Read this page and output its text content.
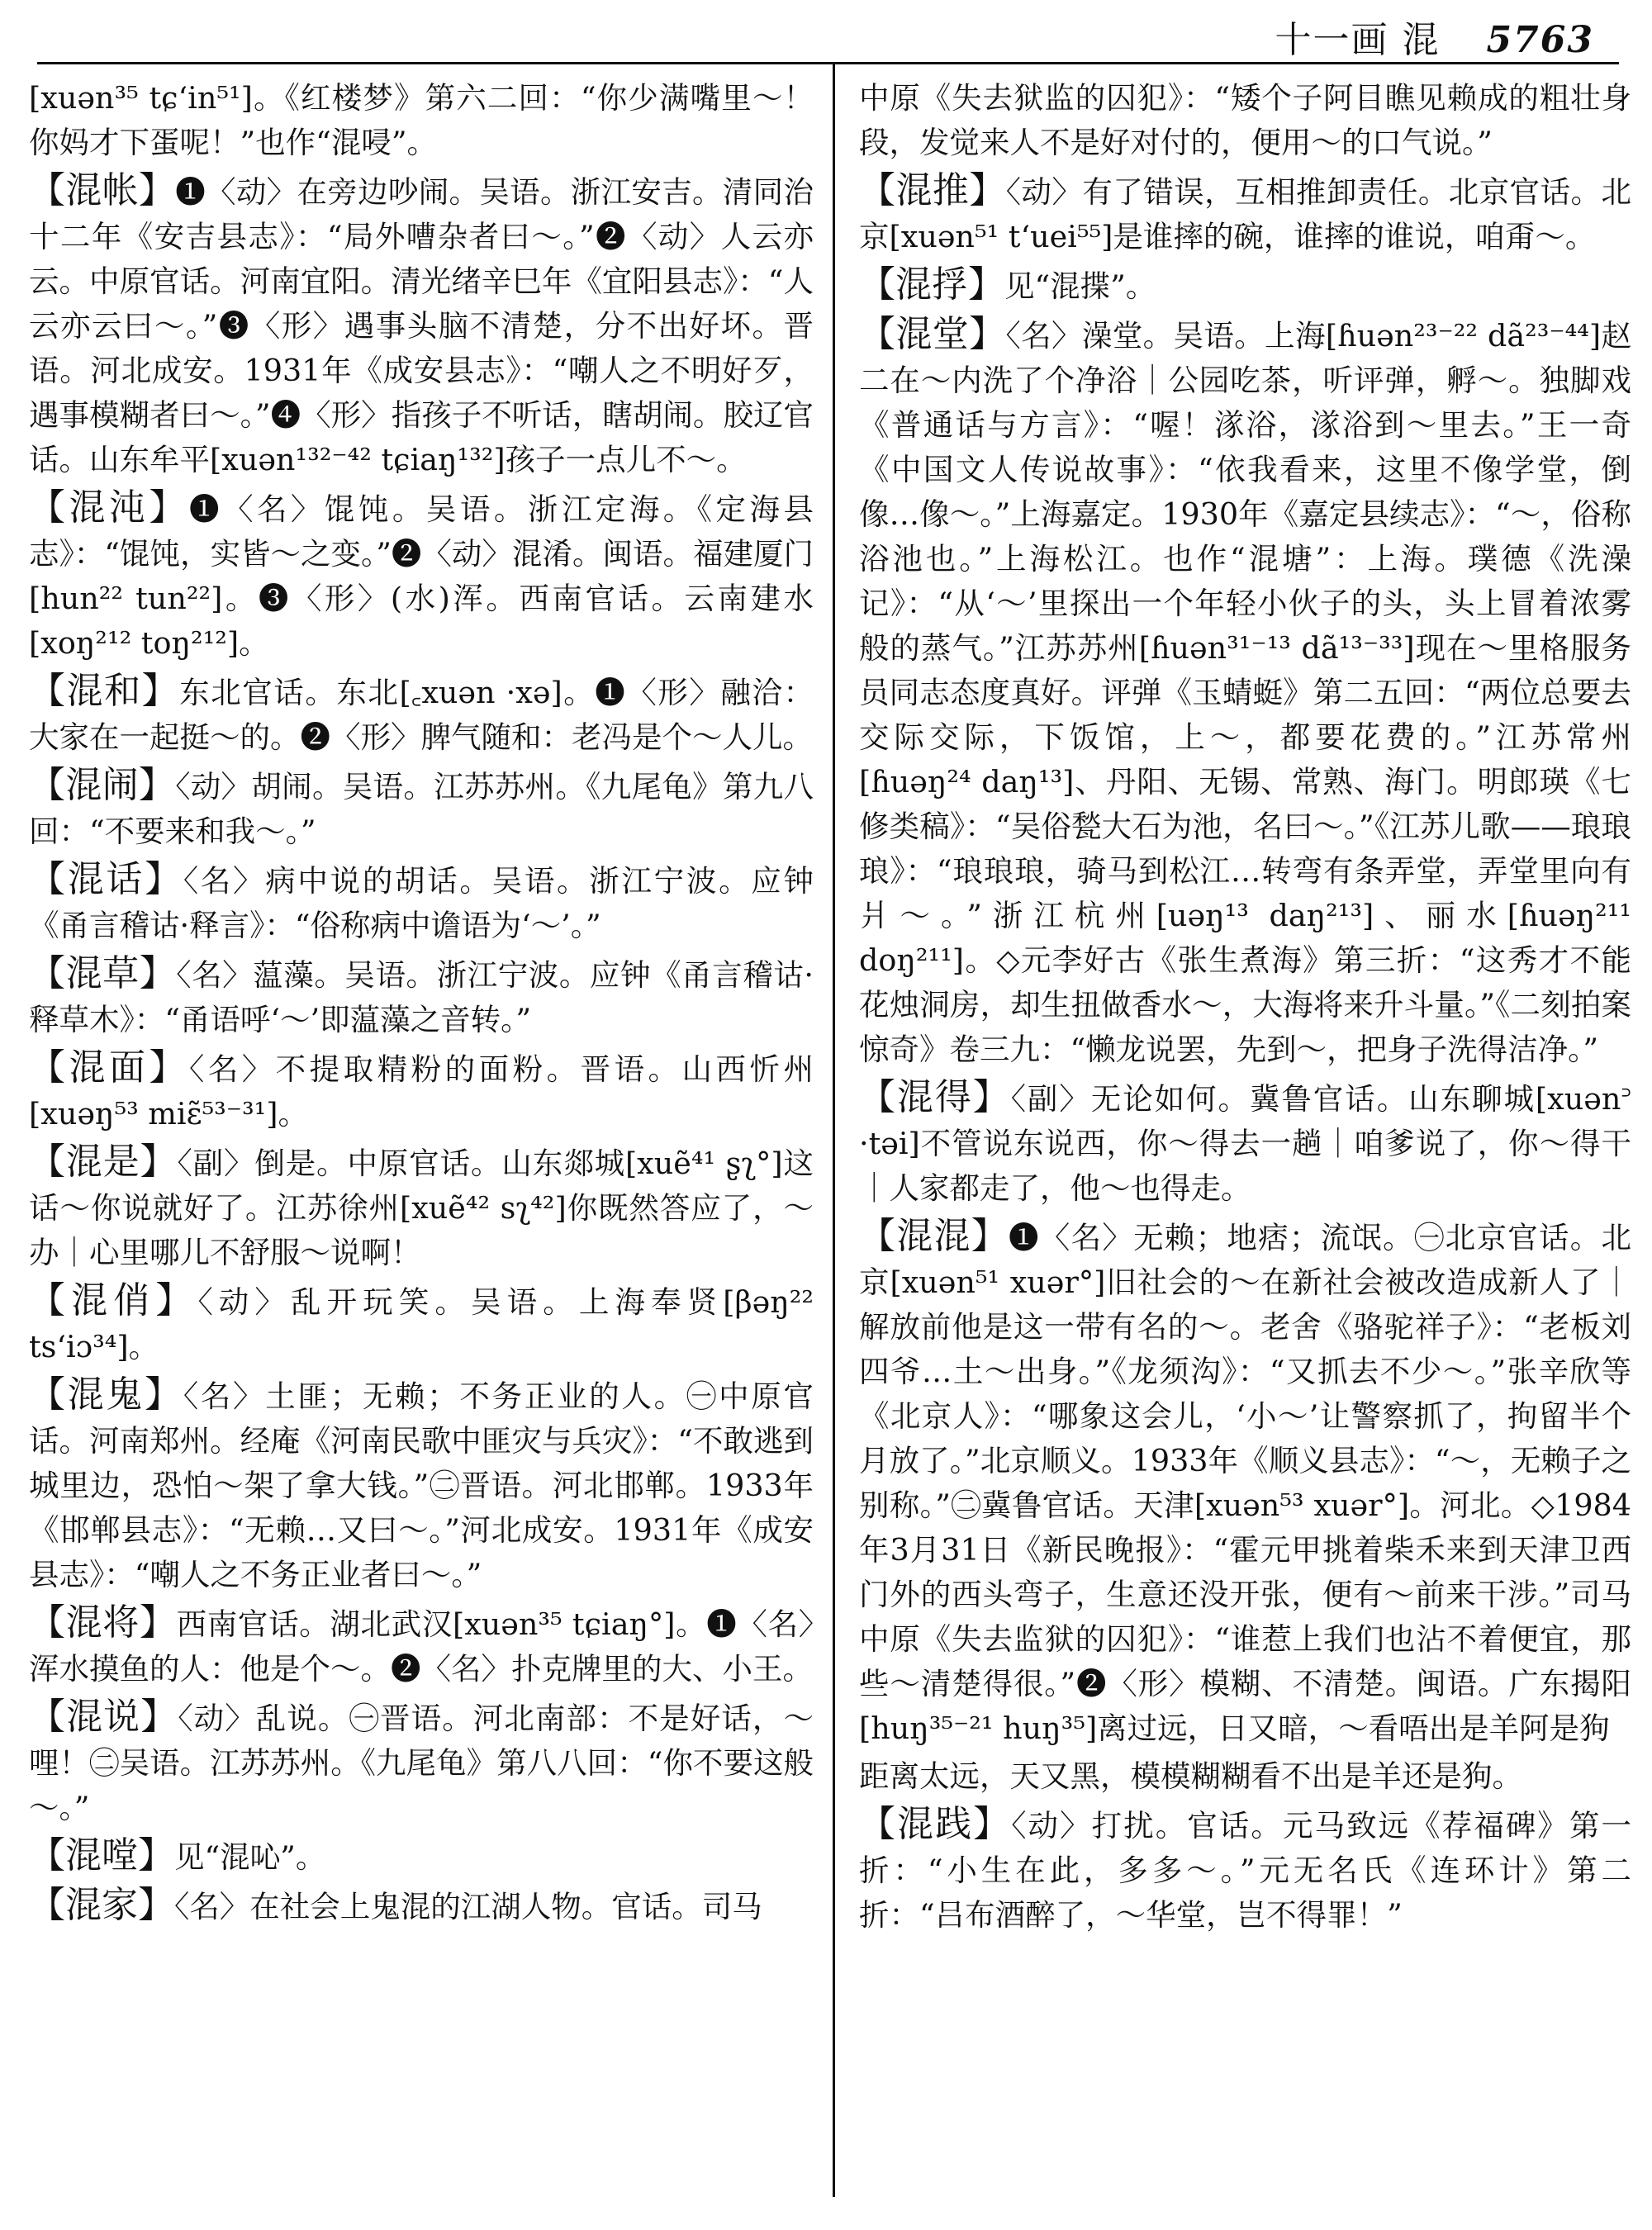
十一画 混 5763

[xuən³⁵ tɕ‘in⁵¹]。《红楼梦》第六二回：“你少满嘴里～！你妈才下蛋呢！”也作“混唚”。

【混帐】❶〈动〉在旁边吵闹。吴语。浙江安吉。清同治十二年《安吉县志》：“局外嘈杂者曰～。”❷〈动〉人云亦云。中原官话。河南宜阳。清光绪辛巳年《宜阳县志》：“人云亦云曰～。”❸〈形〉遇事头脑不清楚，分不出好坏。晋语。河北成安。1931年《成安县志》：“嘲人之不明好歹，遇事模糊者曰～。”❹〈形〉指孩子不听话，瞎胡闹。胶辽官话。山东牟平[xuən¹³²⁻⁴² tɕiaŋ¹³²]孩子一点儿不～。

【混沌】❶〈名〉馄饨。吴语。浙江定海。《定海县志》：“馄饨，实皆～之变。”❷〈动〉混淆。闽语。福建厦门[hun²² tun²²]。❸〈形〉(水)浑。西南官话。云南建水[xoŋ²¹² toŋ²¹²]。

【混和】东北官话。东北[꜀xuən ·xə]。❶〈形〉融洽：大家在一起挺～的。❷〈形〉脾气随和：老冯是个～人儿。

【混闹】〈动〉胡闹。吴语。江苏苏州。《九尾龟》第九八回：“不要来和我～。”

【混话】〈名〉病中说的胡话。吴语。浙江宁波。应钟《甬言稽诂·释言》：“俗称病中谵语为‘～’。”

【混草】〈名〉蕰藻。吴语。浙江宁波。应钟《甬言稽诂·释草木》：“甬语呼‘～’即蕰藻之音转。”

【混面】〈名〉不提取精粉的面粉。晋语。山西忻州[xuəŋ⁵³ miɛ̃⁵³⁻³¹]。

【混是】〈副〉倒是。中原官话。山东郯城[xuẽ⁴¹ ʂʅ°]这话～你说就好了。江苏徐州[xuẽ⁴² sʅ⁴²]你既然答应了，～办｜心里哪儿不舒服～说啊！

【混俏】〈动〉乱开玩笑。吴语。上海奉贤[βəŋ²² ts‘iɔ³⁴]。

【混鬼】〈名〉土匪；无赖；不务正业的人。㊀中原官话。河南郑州。经庵《河南民歌中匪灾与兵灾》：“不敢逃到城里边，恐怕～架了拿大钱。”㊁晋语。河北邯郸。1933年《邯郸县志》：“无赖…又曰～。”河北成安。1931年《成安县志》：“嘲人之不务正业者曰～。”

【混将】西南官话。湖北武汉[xuən³⁵ tɕiaŋ°]。❶〈名〉浑水摸鱼的人：他是个～。❷〈名〉扑克牌里的大、小王。

【混说】〈动〉乱说。㊀晋语。河北南部：不是好话，～哩！㊁吴语。江苏苏州。《九尾龟》第八八回：“你不要这般～。”

【混嘡】见“混吣”。

【混家】〈名〉在社会上鬼混的江湖人物。官话。司马

中原《失去狱监的囚犯》：“矮个子阿目瞧见赖成的粗壮身段，发觉来人不是好对付的，便用～的口气说。”

【混推】〈动〉有了错误，互相推卸责任。北京官话。北京[xuən⁵¹ t‘uei⁵⁵]是谁摔的碗，谁摔的谁说，咱甭～。

【混捊】见“混揲”。

【混堂】〈名〉澡堂。吴语。上海[ɦuən²³⁻²² dã²³⁻⁴⁴]赵二在～内洗了个净浴｜公园吃茶，听评弹，孵～。独脚戏《普通话与方言》：“喔！㴚浴，㴚浴到～里去。”王一奇《中国文人传说故事》：“依我看来，这里不像学堂，倒像…像～。”上海嘉定。1930年《嘉定县续志》：“～，俗称浴池也。”上海松江。也作“混塘”：上海。璞德《洗澡记》：“从‘～’里探出一个年轻小伙子的头，头上冒着浓雾般的蒸气。”江苏苏州[ɦuən³¹⁻¹³ dã¹³⁻³³]现在～里格服务员同志态度真好。评弹《玉蜻蜓》第二五回：“两位总要去交际交际，下饭馆，上～，都要花费的。”江苏常州[ɦuəŋ²⁴ daŋ¹³]、丹阳、无锡、常熟、海门。明郎瑛《七修类稿》：“吴俗甃大石为池，名曰～。”《江苏儿歌——琅琅琅》：“琅琅琅，骑马到松江…转弯有条弄堂，弄堂里向有爿～。”浙江杭州[uəŋ¹³ daŋ²¹³]、丽水[ɦuəŋ²¹¹ doŋ²¹¹]。◇元李好古《张生煮海》第三折：“这秀才不能花烛洞房，却生扭做香水～，大海将来升斗量。”《二刻拍案惊奇》卷三九：“懒龙说罢，先到～，把身子洗得洁净。”

【混得】〈副〉无论如何。冀鲁官话。山东聊城[xuən꜄ ·təi]不管说东说西，你～得去一趟｜咱爹说了，你～得干｜人家都走了，他～也得走。

【混混】❶〈名〉无赖；地痞；流氓。㊀北京官话。北京[xuən⁵¹ xuər°]旧社会的～在新社会被改造成新人了｜解放前他是这一带有名的～。老舍《骆驼祥子》：“老板刘四爷…土～出身。”《龙须沟》：“又抓去不少～。”张辛欣等《北京人》：“哪象这会儿，‘小～’让警察抓了，拘留半个月放了。”北京顺义。1933年《顺义县志》：“～，无赖子之别称。”㊁冀鲁官话。天津[xuən⁵³ xuər°]。河北。◇1984年3月31日《新民晚报》：“霍元甲挑着柴禾来到天津卫西门外的西头弯子，生意还没开张，便有～前来干涉。”司马中原《失去监狱的囚犯》：“谁惹上我们也沾不着便宜，那些～清楚得很。”❷〈形〉模糊、不清楚。闽语。广东揭阳[huŋ³⁵⁻²¹ huŋ³⁵]离过远，日又暗，～看唔出是羊阿是狗

距离太远，天又黑，模模糊糊看不出是羊还是狗。

【混践】〈动〉打扰。官话。元马致远《荐福碑》第一折：“小生在此，多多～。”元无名氏《连环计》第二折：“吕布酒醉了，～华堂，岂不得罪！”
